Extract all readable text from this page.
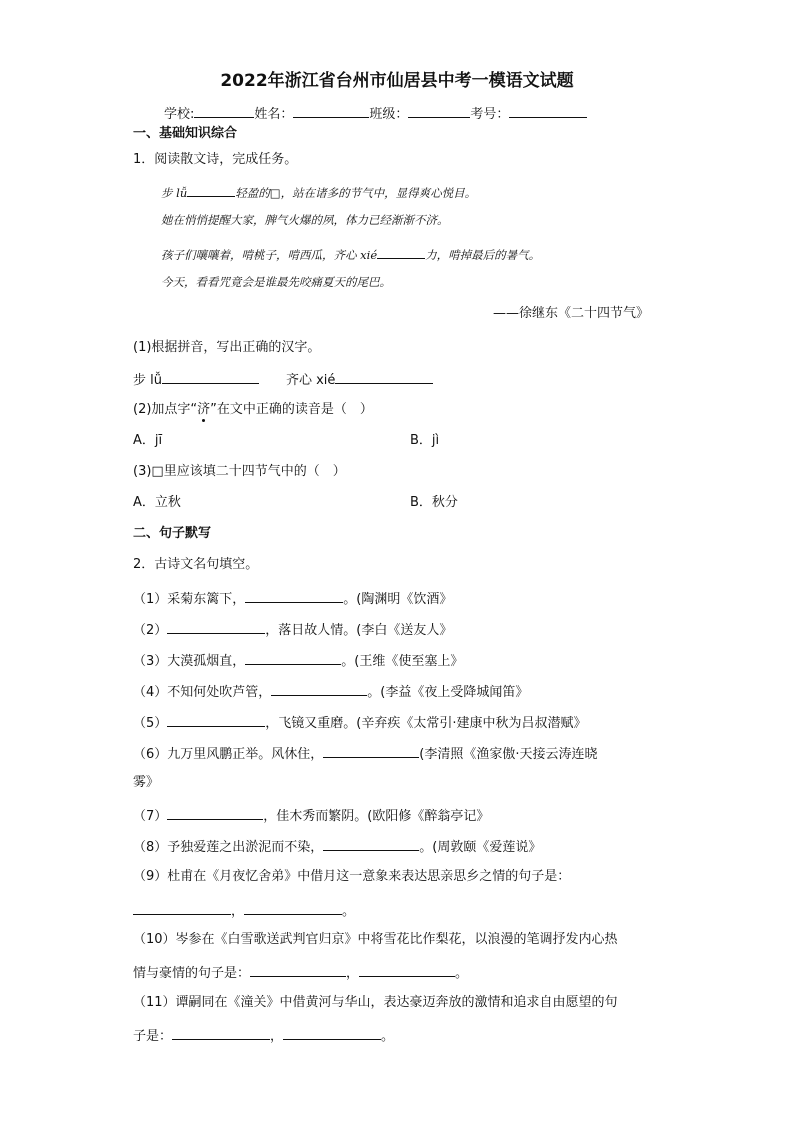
2022年浙江省台州市仙居县中考一模语文试题
学校:	姓名：	班级：	考号：
一、基础知识综合
1．阅读散文诗，完成任务。
步 lǚ	轻盈的□，站在诸多的节气中，显得爽心悦目。
她在悄悄提醒大家，脾气火爆的夙，体力已经渐渐不济。
孩子们嚷嚷着，啃桃子，啃西瓜，齐心 xié	力，啃掉最后的暑气。
今天，看看咒竟会是谁最先咬痛夏天的尾巴。
——徐继东《二十四节气》
(1)根据拼音，写出正确的汉字。
步 lǚ	齐心 xié
(2)加点字“济”在文中正确的读音是（　）
A．jī	B．jì
(3)□里应该填二十四节气中的（　）
A．立秋	B．秋分
二、句子默写
2．古诗文名句填空。
（1）采菊东篱下，	。(陶渊明《饮酒》
（2）	，落日故人情。(李白《送友人》
（3）大漠孤烟直，	。(王维《使至塞上》
（4）不知何处吹芦管，	。(李益《夜上受降城闻笛》
（5）	，飞镜又重磨。(辛弃疾《太常引·建康中秋为吕叔潜赋》
（6）九万里风鹏正举。风休住，	(李清照《渔家傲·天接云涛连晓
雾》
（7）	，佳木秀而繁阴。(欧阳修《醉翁亭记》
（8）予独爱莲之出淤泥而不染，	。(周敦颐《爱莲说》
（9）杜甫在《月夜忆舍弟》中借月这一意象来表达思亲思乡之情的句子是：
，	。
（10）岑参在《白雪歌送武判官归京》中将雪花比作梨花，以浪漫的笔调抒发内心热
情与豪情的句子是：	，	。
（11）谭嗣同在《潼关》中借黄河与华山，表达豪迈奔放的激情和追求自由愿望的句
子是：	，	。
